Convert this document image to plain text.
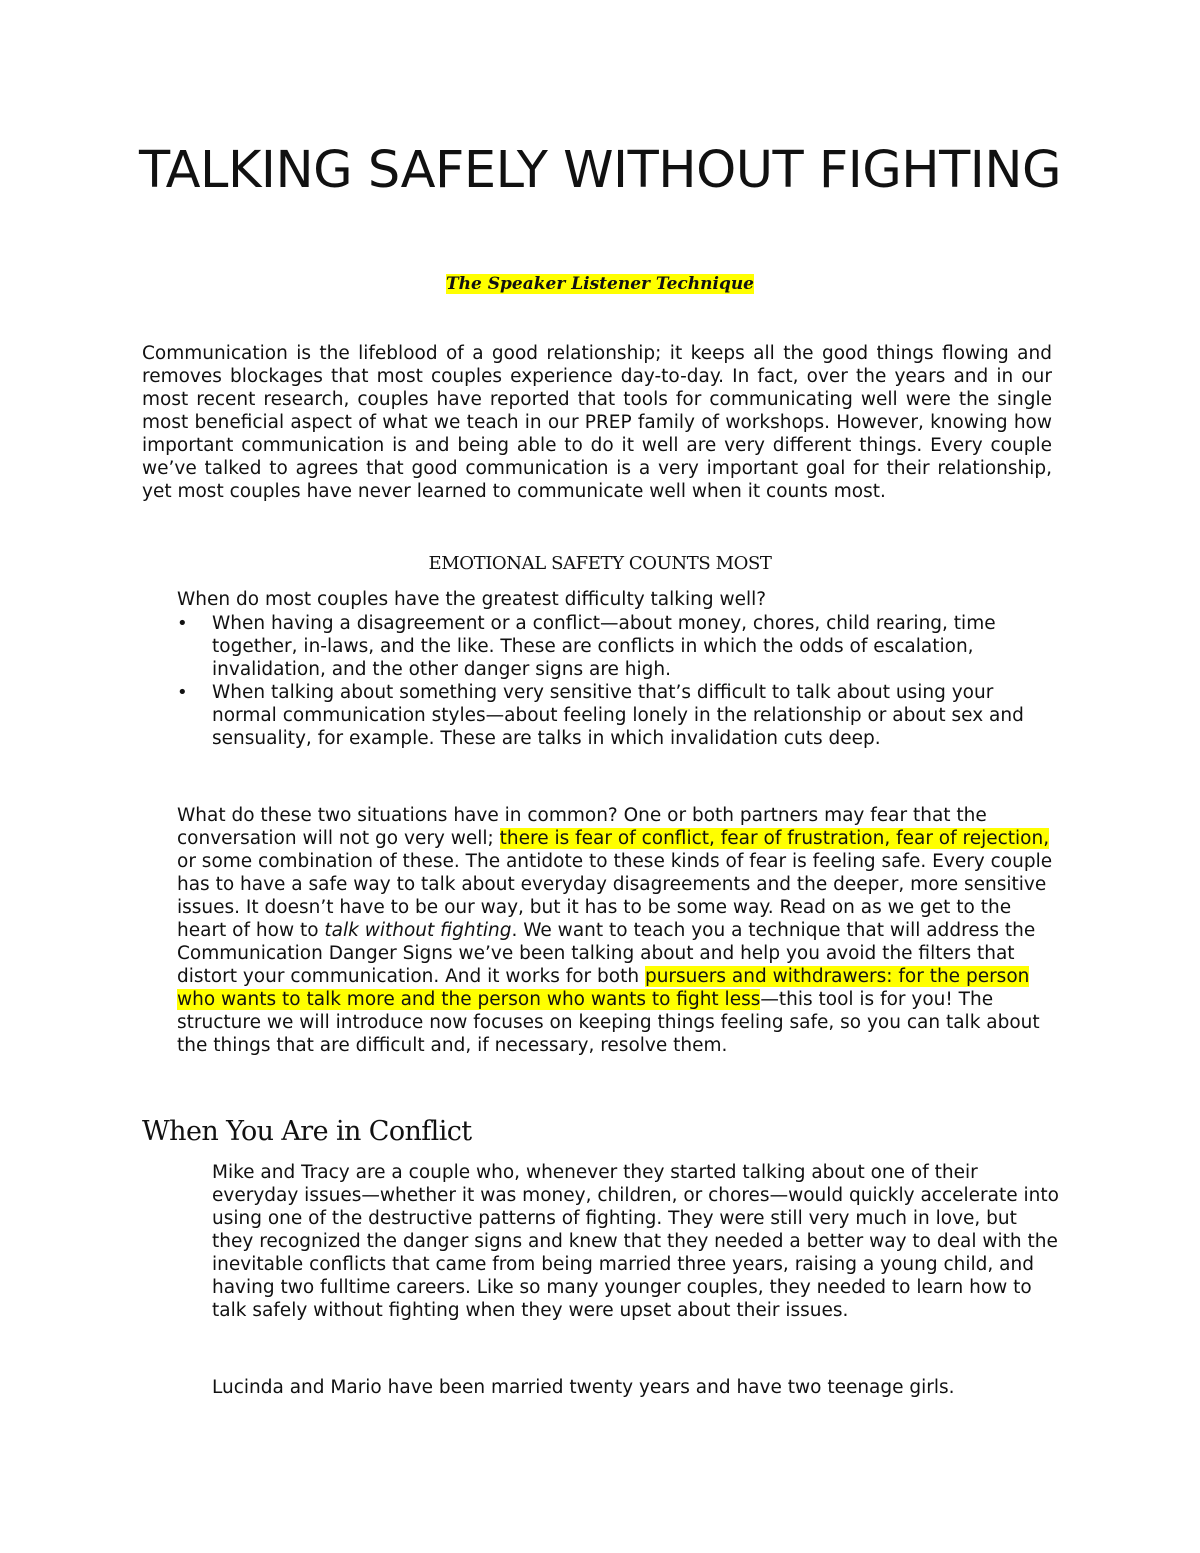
TALKING SAFELY WITHOUT FIGHTING
The Speaker Listener Technique

Communication is the lifeblood of a good relationship; it keeps all the good things flowing and removes blockages that most couples experience day-to-day. In fact, over the years and in our most recent research, couples have reported that tools for communicating well were the single most beneficial aspect of what we teach in our PREP family of workshops. However, knowing how important communication is and being able to do it well are very different things. Every couple we’ve talked to agrees that good communication is a very important goal for their relationship, yet most couples have never learned to communicate well when it counts most.

EMOTIONAL SAFETY COUNTS MOST

When do most couples have the greatest difficulty talking well?

• When having a disagreement or a conflict—about money, chores, child rearing, time together, in-laws, and the like. These are conflicts in which the odds of escalation, invalidation, and the other danger signs are high.
• When talking about something very sensitive that’s difficult to talk about using your normal communication styles—about feeling lonely in the relationship or about sex and sensuality, for example. These are talks in which invalidation cuts deep.

What do these two situations have in common? One or both partners may fear that the conversation will not go very well; there is fear of conflict, fear of frustration, fear of rejection, or some combination of these. The antidote to these kinds of fear is feeling safe. Every couple has to have a safe way to talk about everyday disagreements and the deeper, more sensitive issues. It doesn’t have to be our way, but it has to be some way. Read on as we get to the heart of how to talk without fighting. We want to teach you a technique that will address the Communication Danger Signs we’ve been talking about and help you avoid the filters that distort your communication. And it works for both pursuers and withdrawers: for the person who wants to talk more and the person who wants to fight less—this tool is for you! The structure we will introduce now focuses on keeping things feeling safe, so you can talk about the things that are difficult and, if necessary, resolve them.

When You Are in Conflict

Mike and Tracy are a couple who, whenever they started talking about one of their everyday issues—whether it was money, children, or chores—would quickly accelerate into using one of the destructive patterns of fighting. They were still very much in love, but they recognized the danger signs and knew that they needed a better way to deal with the inevitable conflicts that came from being married three years, raising a young child, and having two fulltime careers. Like so many younger couples, they needed to learn how to talk safely without fighting when they were upset about their issues.

Lucinda and Mario have been married twenty years and have two teenage girls.
